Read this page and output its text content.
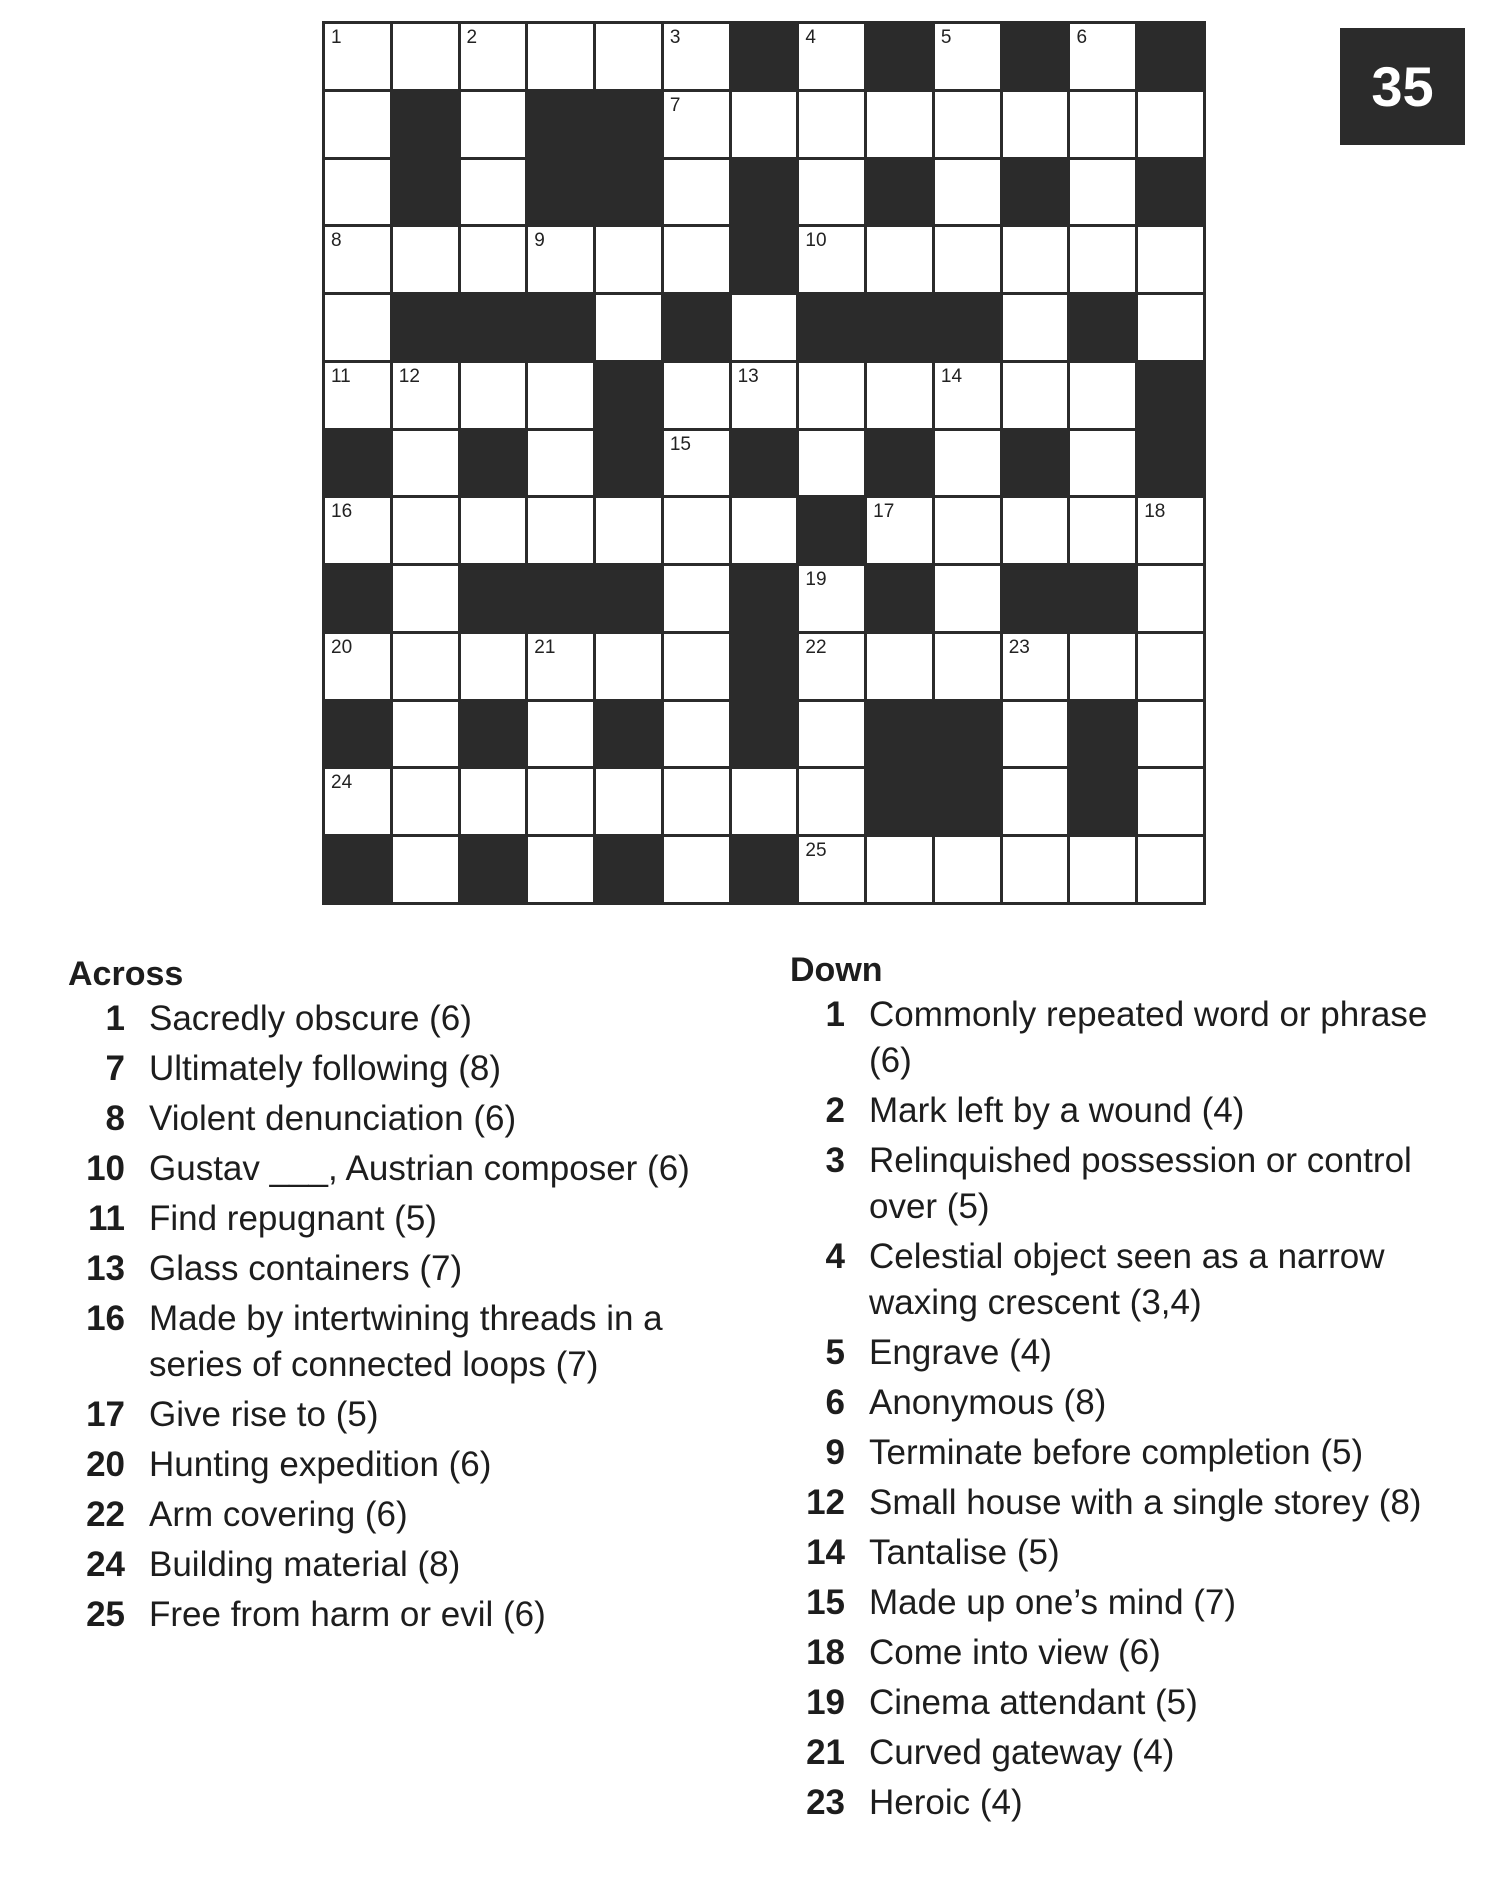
1	2	3	4	5	6
7
8	9	10
11	12	13	14
15
16	17	18
19
20	21	22	23
24
25
35
Across
1 Sacredly obscure (6)
7 Ultimately following (8)
8 Violent denunciation (6)
10 Gustav ___, Austrian composer (6)
11 Find repugnant (5)
13 Glass containers (7)
16 Made by intertwining threads in a series of connected loops (7)
17 Give rise to (5)
20 Hunting expedition (6)
22 Arm covering (6)
24 Building material (8)
25 Free from harm or evil (6)
Down
1 Commonly repeated word or phrase (6)
2 Mark left by a wound (4)
3 Relinquished possession or control over (5)
4 Celestial object seen as a narrow waxing crescent (3,4)
5 Engrave (4)
6 Anonymous (8)
9 Terminate before completion (5)
12 Small house with a single storey (8)
14 Tantalise (5)
15 Made up one’s mind (7)
18 Come into view (6)
19 Cinema attendant (5)
21 Curved gateway (4)
23 Heroic (4)
